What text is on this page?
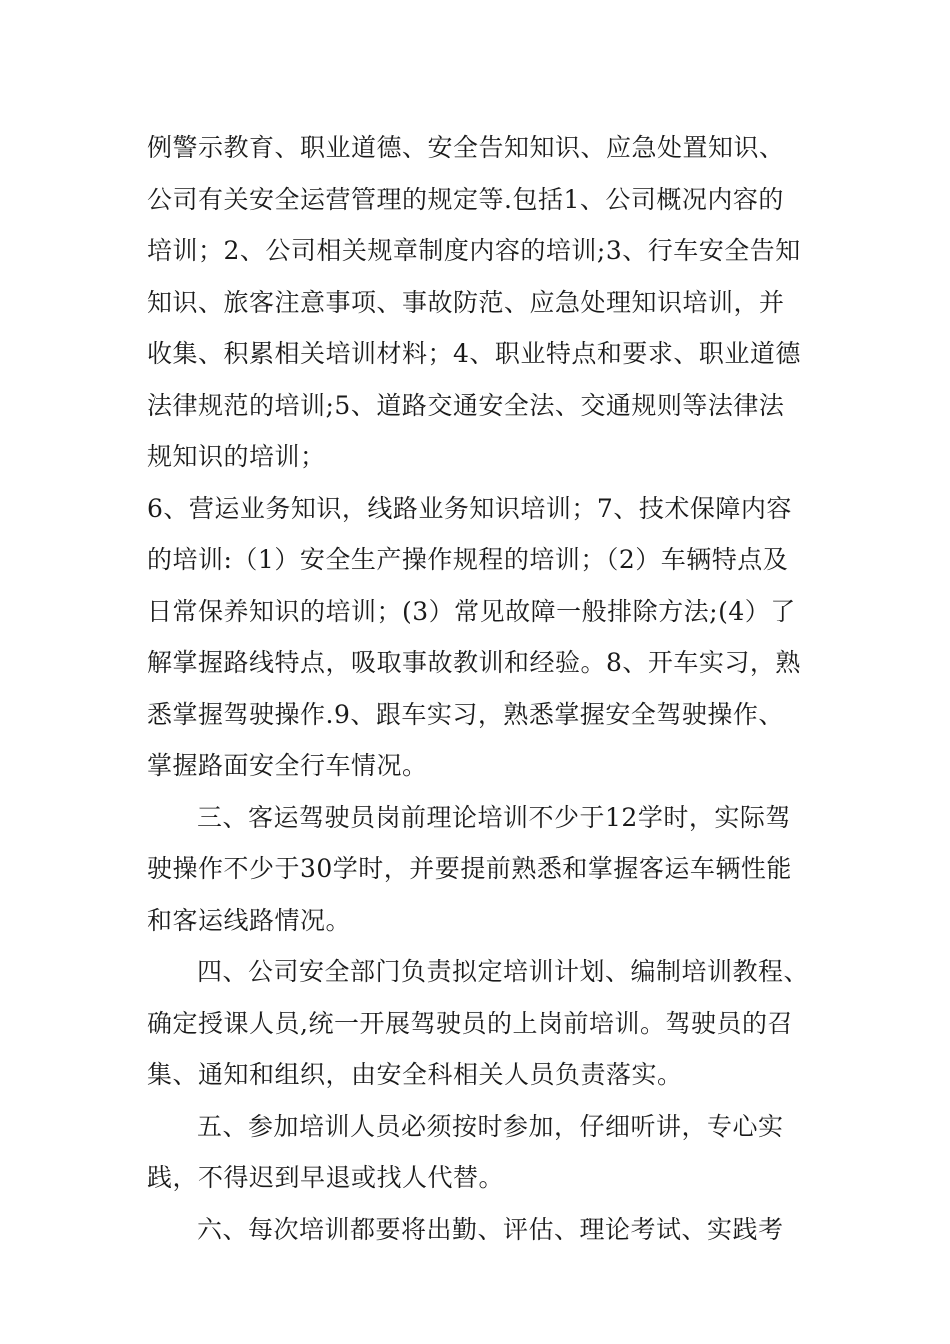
例警示教育、职业道德、安全告知知识、应急处置知识、
公司有关安全运营管理的规定等.包括1、公司概况内容的
培训；2、公司相关规章制度内容的培训;3、行车安全告知
知识、旅客注意事项、事故防范、应急处理知识培训，并
收集、积累相关培训材料；4、职业特点和要求、职业道德
法律规范的培训;5、道路交通安全法、交通规则等法律法
规知识的培训；
6、营运业务知识，线路业务知识培训；7、技术保障内容
的培训:（1）安全生产操作规程的培训；（2）车辆特点及
日常保养知识的培训；(3）常见故障一般排除方法;(4）了
解掌握路线特点，吸取事故教训和经验。8、开车实习，熟
悉掌握驾驶操作.9、跟车实习，熟悉掌握安全驾驶操作、
掌握路面安全行车情况。
三、客运驾驶员岗前理论培训不少于12学时，实际驾
驶操作不少于30学时，并要提前熟悉和掌握客运车辆性能
和客运线路情况。
四、公司安全部门负责拟定培训计划、编制培训教程、
确定授课人员,统一开展驾驶员的上岗前培训。驾驶员的召
集、通知和组织，由安全科相关人员负责落实。
五、参加培训人员必须按时参加，仔细听讲，专心实
践，不得迟到早退或找人代替。
六、每次培训都要将出勤、评估、理论考试、实践考
